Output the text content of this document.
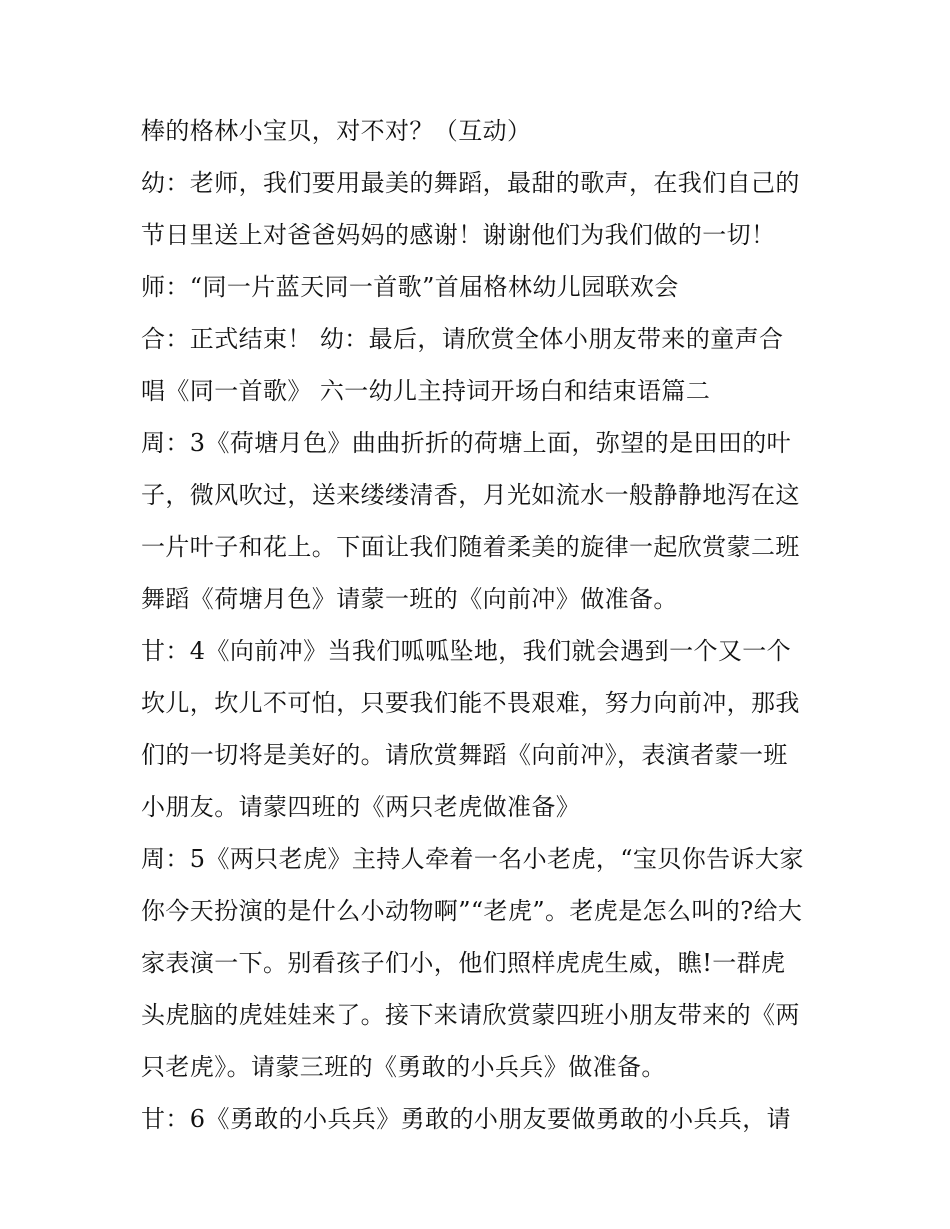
棒的格林小宝贝，对不对？（互动）
幼：老师，我们要用最美的舞蹈，最甜的歌声，在我们自己的
节日里送上对爸爸妈妈的感谢！谢谢他们为我们做的一切！
师：“同一片蓝天同一首歌”首届格林幼儿园联欢会
合：正式结束！ 幼：最后，请欣赏全体小朋友带来的童声合
唱《同一首歌》 六一幼儿主持词开场白和结束语篇二
周：3《荷塘月色》曲曲折折的荷塘上面，弥望的是田田的叶
子，微风吹过，送来缕缕清香，月光如流水一般静静地泻在这
一片叶子和花上。下面让我们随着柔美的旋律一起欣赏蒙二班
舞蹈《荷塘月色》请蒙一班的《向前冲》做准备。
甘：4《向前冲》当我们呱呱坠地，我们就会遇到一个又一个
坎儿，坎儿不可怕，只要我们能不畏艰难，努力向前冲，那我
们的一切将是美好的。请欣赏舞蹈《向前冲》，表演者蒙一班
小朋友。请蒙四班的《两只老虎做准备》
周：5《两只老虎》主持人牵着一名小老虎，“宝贝你告诉大家
你今天扮演的是什么小动物啊”“老虎”。老虎是怎么叫的?给大
家表演一下。别看孩子们小，他们照样虎虎生威，瞧!一群虎
头虎脑的虎娃娃来了。接下来请欣赏蒙四班小朋友带来的《两
只老虎》。请蒙三班的《勇敢的小兵兵》做准备。
甘：6《勇敢的小兵兵》勇敢的小朋友要做勇敢的小兵兵，请
